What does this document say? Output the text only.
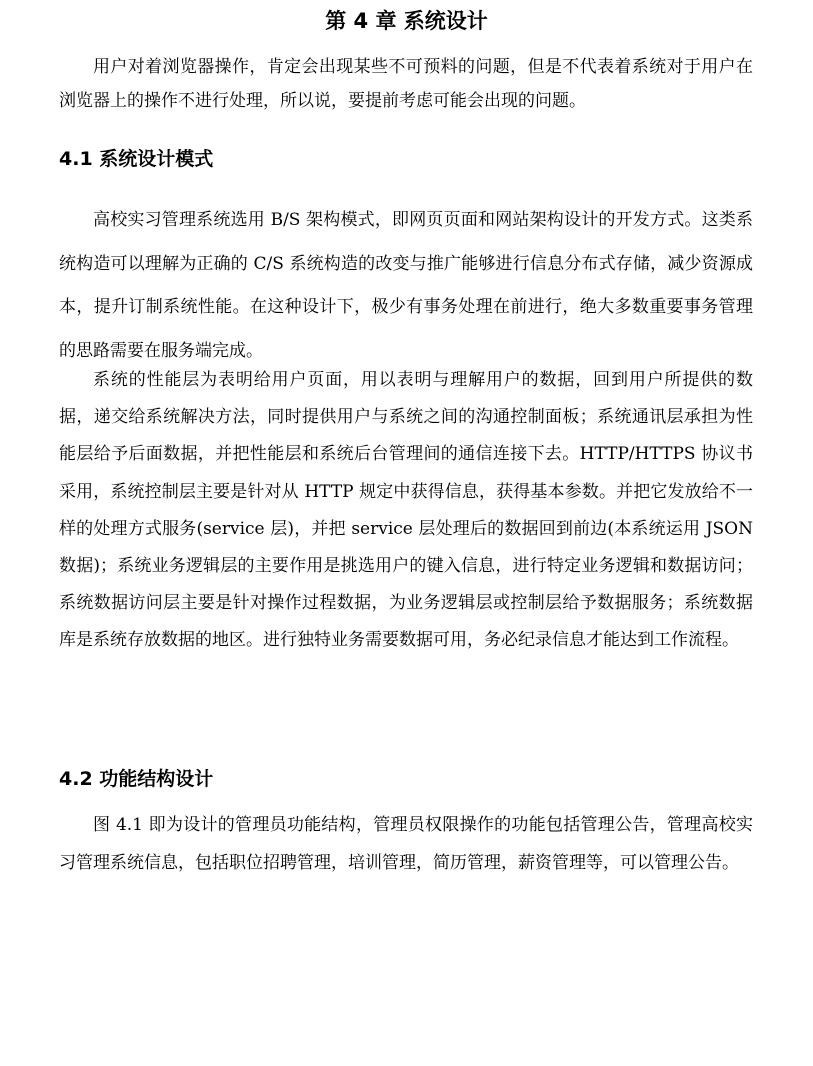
第 4 章 系统设计

用户对着浏览器操作，肯定会出现某些不可预料的问题，但是不代表着系统对于用户在浏览器上的操作不进行处理，所以说，要提前考虑可能会出现的问题。

4.1 系统设计模式

高校实习管理系统选用 B/S 架构模式，即网页页面和网站架构设计的开发方式。这类系统构造可以理解为正确的 C/S 系统构造的改变与推广能够进行信息分布式存储，减少资源成本，提升订制系统性能。在这种设计下，极少有事务处理在前进行，绝大多数重要事务管理的思路需要在服务端完成。

系统的性能层为表明给用户页面，用以表明与理解用户的数据，回到用户所提供的数据，递交给系统解决方法，同时提供用户与系统之间的沟通控制面板；系统通讯层承担为性能层给予后面数据，并把性能层和系统后台管理间的通信连接下去。HTTP/HTTPS 协议书采用，系统控制层主要是针对从 HTTP 规定中获得信息，获得基本参数。并把它发放给不一样的处理方式服务(service 层)，并把 service 层处理后的数据回到前边(本系统运用 JSON 数据)；系统业务逻辑层的主要作用是挑选用户的键入信息，进行特定业务逻辑和数据访问；系统数据访问层主要是针对操作过程数据，为业务逻辑层或控制层给予数据服务；系统数据库是系统存放数据的地区。进行独特业务需要数据可用，务必纪录信息才能达到工作流程。

4.2 功能结构设计

图 4.1 即为设计的管理员功能结构，管理员权限操作的功能包括管理公告，管理高校实习管理系统信息，包括职位招聘管理，培训管理，简历管理，薪资管理等，可以管理公告。
